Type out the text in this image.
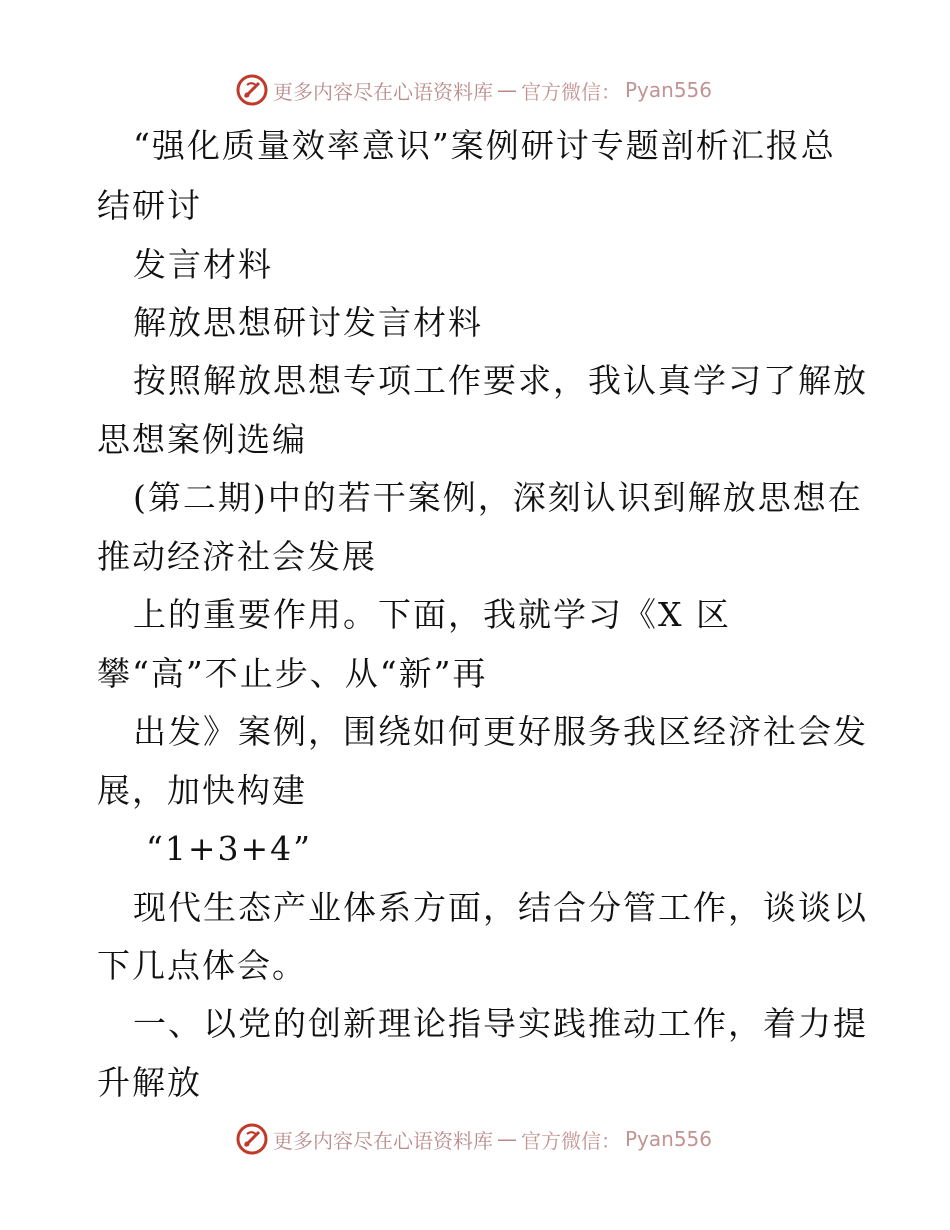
更多内容尽在心语资料库 — 官方微信： Pyan556
“强化质量效率意识”案例研讨专题剖析汇报总
结研讨
发言材料
解放思想研讨发言材料
按照解放思想专项工作要求，我认真学习了解放
思想案例选编
(第二期)中的若干案例，深刻认识到解放思想在
推动经济社会发展
上的重要作用。下面，我就学习《X 区
攀“高”不止步、从“新”再
出发》案例，围绕如何更好服务我区经济社会发
展，加快构建
“1+3+4”
现代生态产业体系方面，结合分管工作，谈谈以
下几点体会。
一、以党的创新理论指导实践推动工作，着力提
升解放
更多内容尽在心语资料库 — 官方微信： Pyan556
